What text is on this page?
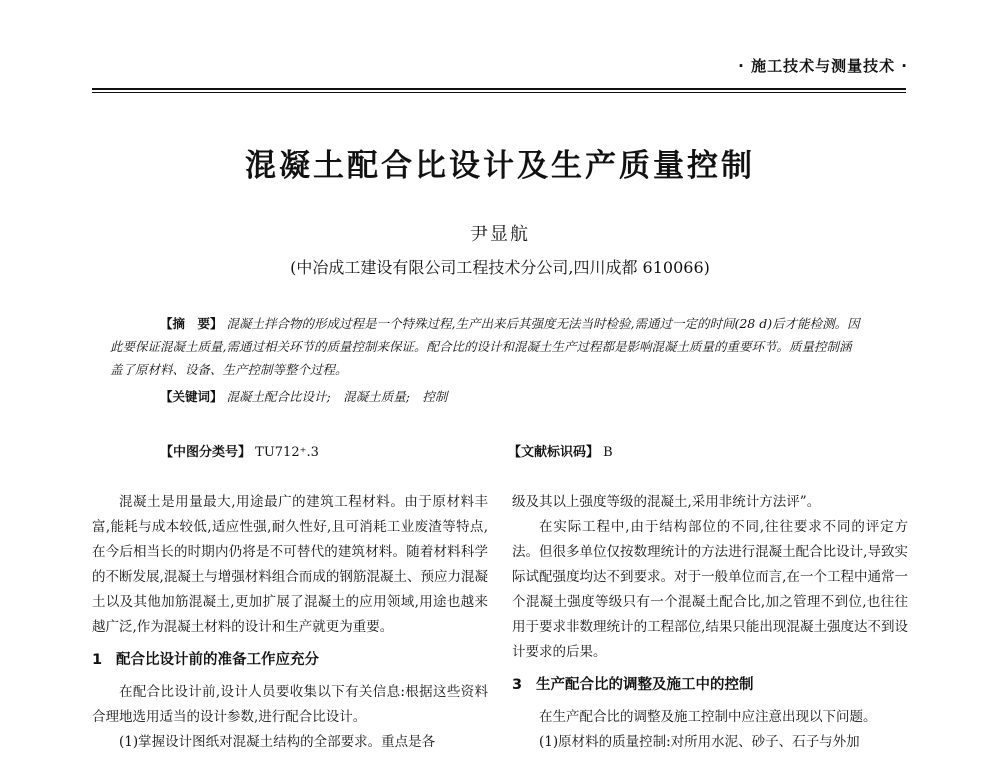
· 施工技术与测量技术 ·
混凝土配合比设计及生产质量控制
尹显航
(中冶成工建设有限公司工程技术分公司,四川成都 610066)
【摘　要】 混凝土拌合物的形成过程是一个特殊过程,生产出来后其强度无法当时检验,需通过一定的时间(28 d)后才能检测。因此要保证混凝土质量,需通过相关环节的质量控制来保证。配合比的设计和混凝土生产过程都是影响混凝土质量的重要环节。质量控制涵盖了原材料、设备、生产控制等整个过程。
【关键词】 混凝土配合比设计;　混凝土质量;　控制
【中图分类号】 TU712⁺.3	【文献标识码】 B

混凝土是用量最大,用途最广的建筑工程材料。由于原材料丰富,能耗与成本较低,适应性强,耐久性好,且可消耗工业废渣等特点,在今后相当长的时期内仍将是不可替代的建筑材料。随着材料科学的不断发展,混凝土与增强材料组合而成的钢筋混凝土、预应力混凝土以及其他加筋混凝土,更加扩展了混凝土的应用领域,用途也越来越广泛,作为混凝土材料的设计和生产就更为重要。

1 配合比设计前的准备工作应充分

在配合比设计前,设计人员要收集以下有关信息:根据这些资料合理地选用适当的设计参数,进行配合比设计。

(1)掌握设计图纸对混凝土结构的全部要求。重点是各

级及其以上强度等级的混凝土,采用非统计方法评”。

在实际工程中,由于结构部位的不同,往往要求不同的评定方法。但很多单位仅按数理统计的方法进行混凝土配合比设计,导致实际试配强度均达不到要求。对于一般单位而言,在一个工程中通常一个混凝土强度等级只有一个混凝土配合比,加之管理不到位,也往往用于要求非数理统计的工程部位,结果只能出现混凝土强度达不到设计要求的后果。

3 生产配合比的调整及施工中的控制

在生产配合比的调整及施工控制中应注意出现以下问题。

(1)原材料的质量控制:对所用水泥、砂子、石子与外加
